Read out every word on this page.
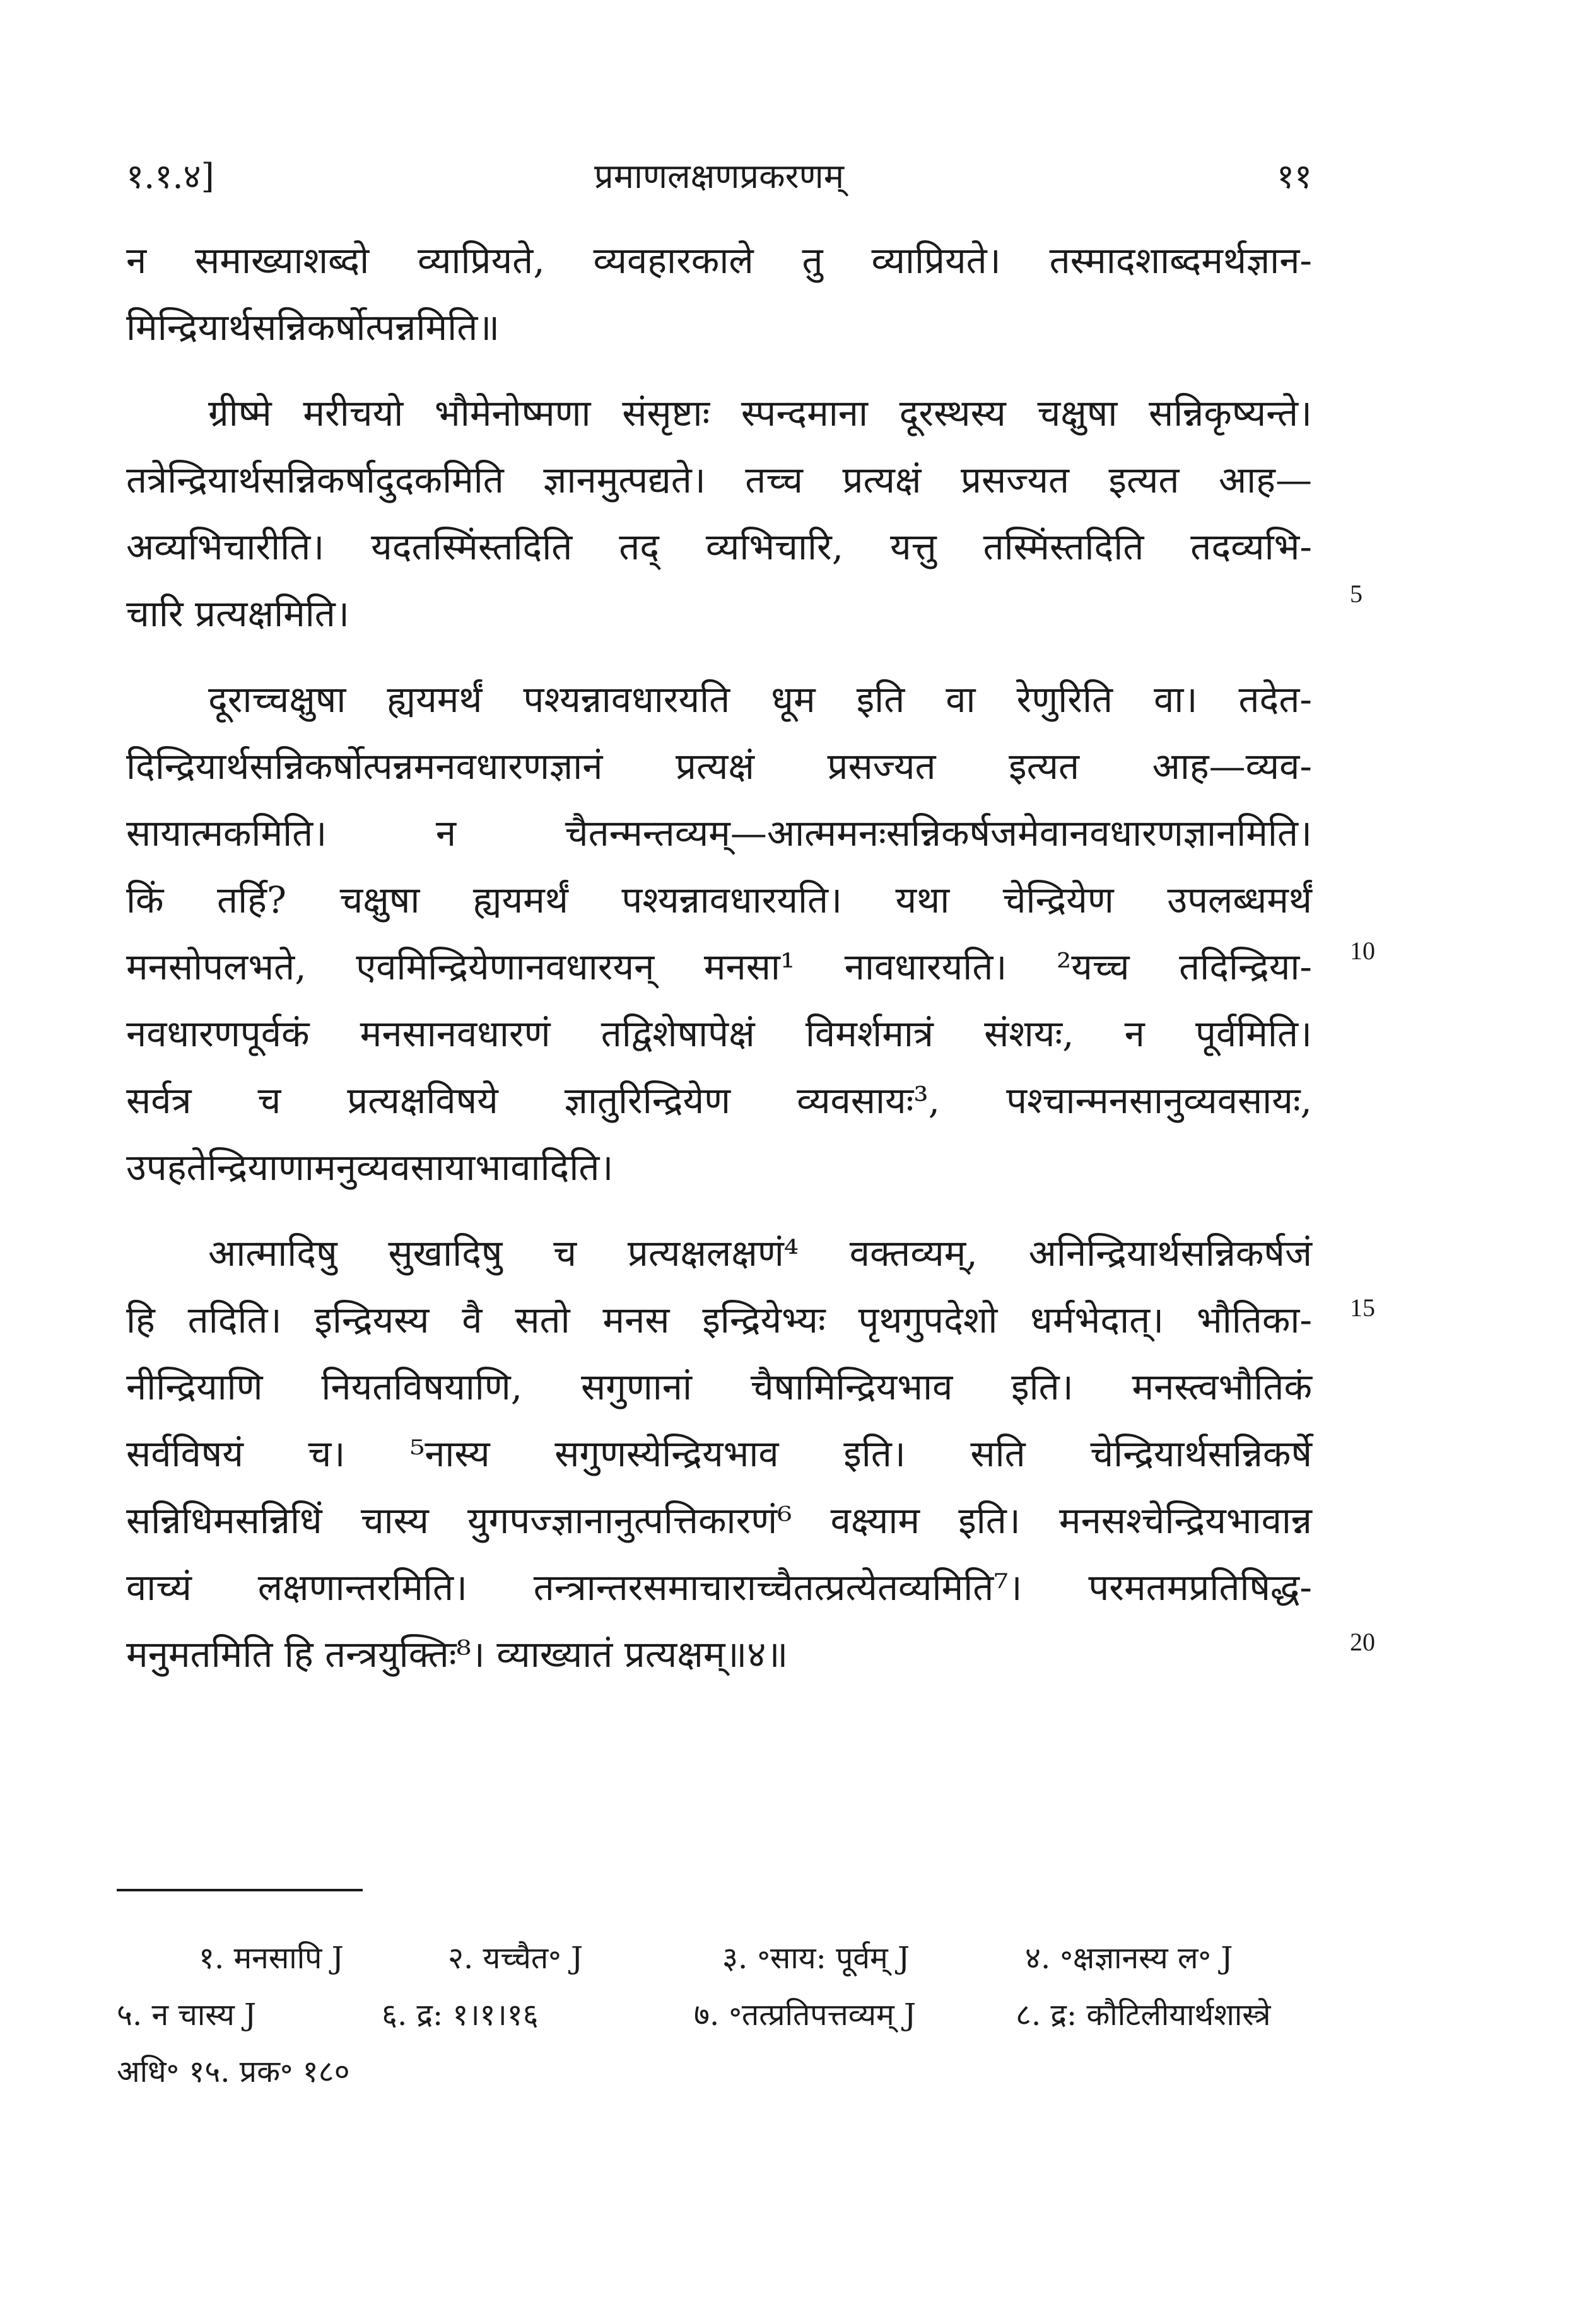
१.१.४]	प्रमाणलक्षणप्रकरणम्	११
न समाख्याशब्दो व्याप्रियते, व्यवहारकाले तु व्याप्रियते। तस्मादशाब्दमर्थज्ञान-
मिन्द्रियार्थसन्निकर्षोत्पन्नमिति॥
ग्रीष्मे मरीचयो भौमेनोष्मणा संसृष्टाः स्पन्दमाना दूरस्थस्य चक्षुषा सन्निकृष्यन्ते।
तत्रेन्द्रियार्थसन्निकर्षादुदकमिति ज्ञानमुत्पद्यते। तच्च प्रत्यक्षं प्रसज्यत इत्यत आह—
अव्यभिचारीति। यदतस्मिंस्तदिति तद् व्यभिचारि, यत्तु तस्मिंस्तदिति तदव्यभि-
चारि प्रत्यक्षमिति।
दूराच्चक्षुषा ह्ययमर्थं पश्यन्नावधारयति धूम इति वा रेणुरिति वा। तदेत-
दिन्द्रियार्थसन्निकर्षोत्पन्नमनवधारणज्ञानं प्रत्यक्षं प्रसज्यत इत्यत आह—व्यव-
सायात्मकमिति। न चैतन्मन्तव्यम्—आत्ममनःसन्निकर्षजमेवानवधारणज्ञानमिति।
किं तर्हि? चक्षुषा ह्ययमर्थं पश्यन्नावधारयति। यथा चेन्द्रियेण उपलब्धमर्थं
मनसोपलभते, एवमिन्द्रियेणानवधारयन् मनसा¹ नावधारयति। ²यच्च तदिन्द्रिया-
नवधारणपूर्वकं मनसानवधारणं तद्विशेषापेक्षं विमर्शमात्रं संशयः, न पूर्वमिति।
सर्वत्र च प्रत्यक्षविषये ज्ञातुरिन्द्रियेण व्यवसायः³, पश्चान्मनसानुव्यवसायः,
उपहतेन्द्रियाणामनुव्यवसायाभावादिति।
आत्मादिषु सुखादिषु च प्रत्यक्षलक्षणं⁴ वक्तव्यम्, अनिन्द्रियार्थसन्निकर्षजं
हि तदिति। इन्द्रियस्य वै सतो मनस इन्द्रियेभ्यः पृथगुपदेशो धर्मभेदात्। भौतिका-
नीन्द्रियाणि नियतविषयाणि, सगुणानां चैषामिन्द्रियभाव इति। मनस्त्वभौतिकं
सर्वविषयं च। ⁵नास्य सगुणस्येन्द्रियभाव इति। सति चेन्द्रियार्थसन्निकर्षे
सन्निधिमसन्निधिं चास्य युगपज्ज्ञानानुत्पत्तिकारणं⁶ वक्ष्याम इति। मनसश्चेन्द्रियभावान्न
वाच्यं लक्षणान्तरमिति। तन्त्रान्तरसमाचाराच्चैतत्प्रत्येतव्यमिति⁷। परमतमप्रतिषिद्ध-
मनुमतमिति हि तन्त्रयुक्तिः⁸। व्याख्यातं प्रत्यक्षम्॥४॥
5
10
15
20
१. मनसापि J	२. यच्चैत॰ J	३. ॰साय: पूर्वम् J	४. ॰क्षज्ञानस्य ल॰ J
५. न चास्य J	६. द्र: १।१।१६	७. ॰तत्प्रतिपत्तव्यम् J	८. द्र: कौटिलीयार्थशास्त्रे
अधि॰ १५. प्रक॰ १८०
